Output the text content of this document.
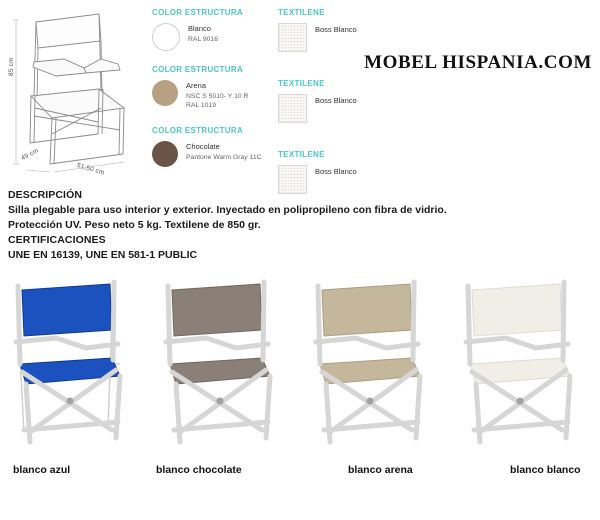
85 cm
49 cm
51,50 cm
COLOR ESTRUCTURA
Blanco
RAL 9016
COLOR ESTRUCTURA
Arena
NSC S 5010- Y 10 R
RAL 1019
COLOR ESTRUCTURA
Chocolate
Pantone Warm Gray 11C
TEXTILENE
Boss Blanco
TEXTILENE
Boss Blanco
TEXTILENE
Boss Blanco
MOBEL HISPANIA.COM
DESCRIPCIÓN

Silla plegable para uso interior y exterior. Inyectado en polipropileno con fibra de vidrio.

Protección UV. Peso neto 5 kg. Textilene de 850 gr.

CERTIFICACIONES

UNE EN 16139, UNE EN 581-1 PUBLIC

blanco azul	blanco chocolate	blanco arena	blanco blanco
